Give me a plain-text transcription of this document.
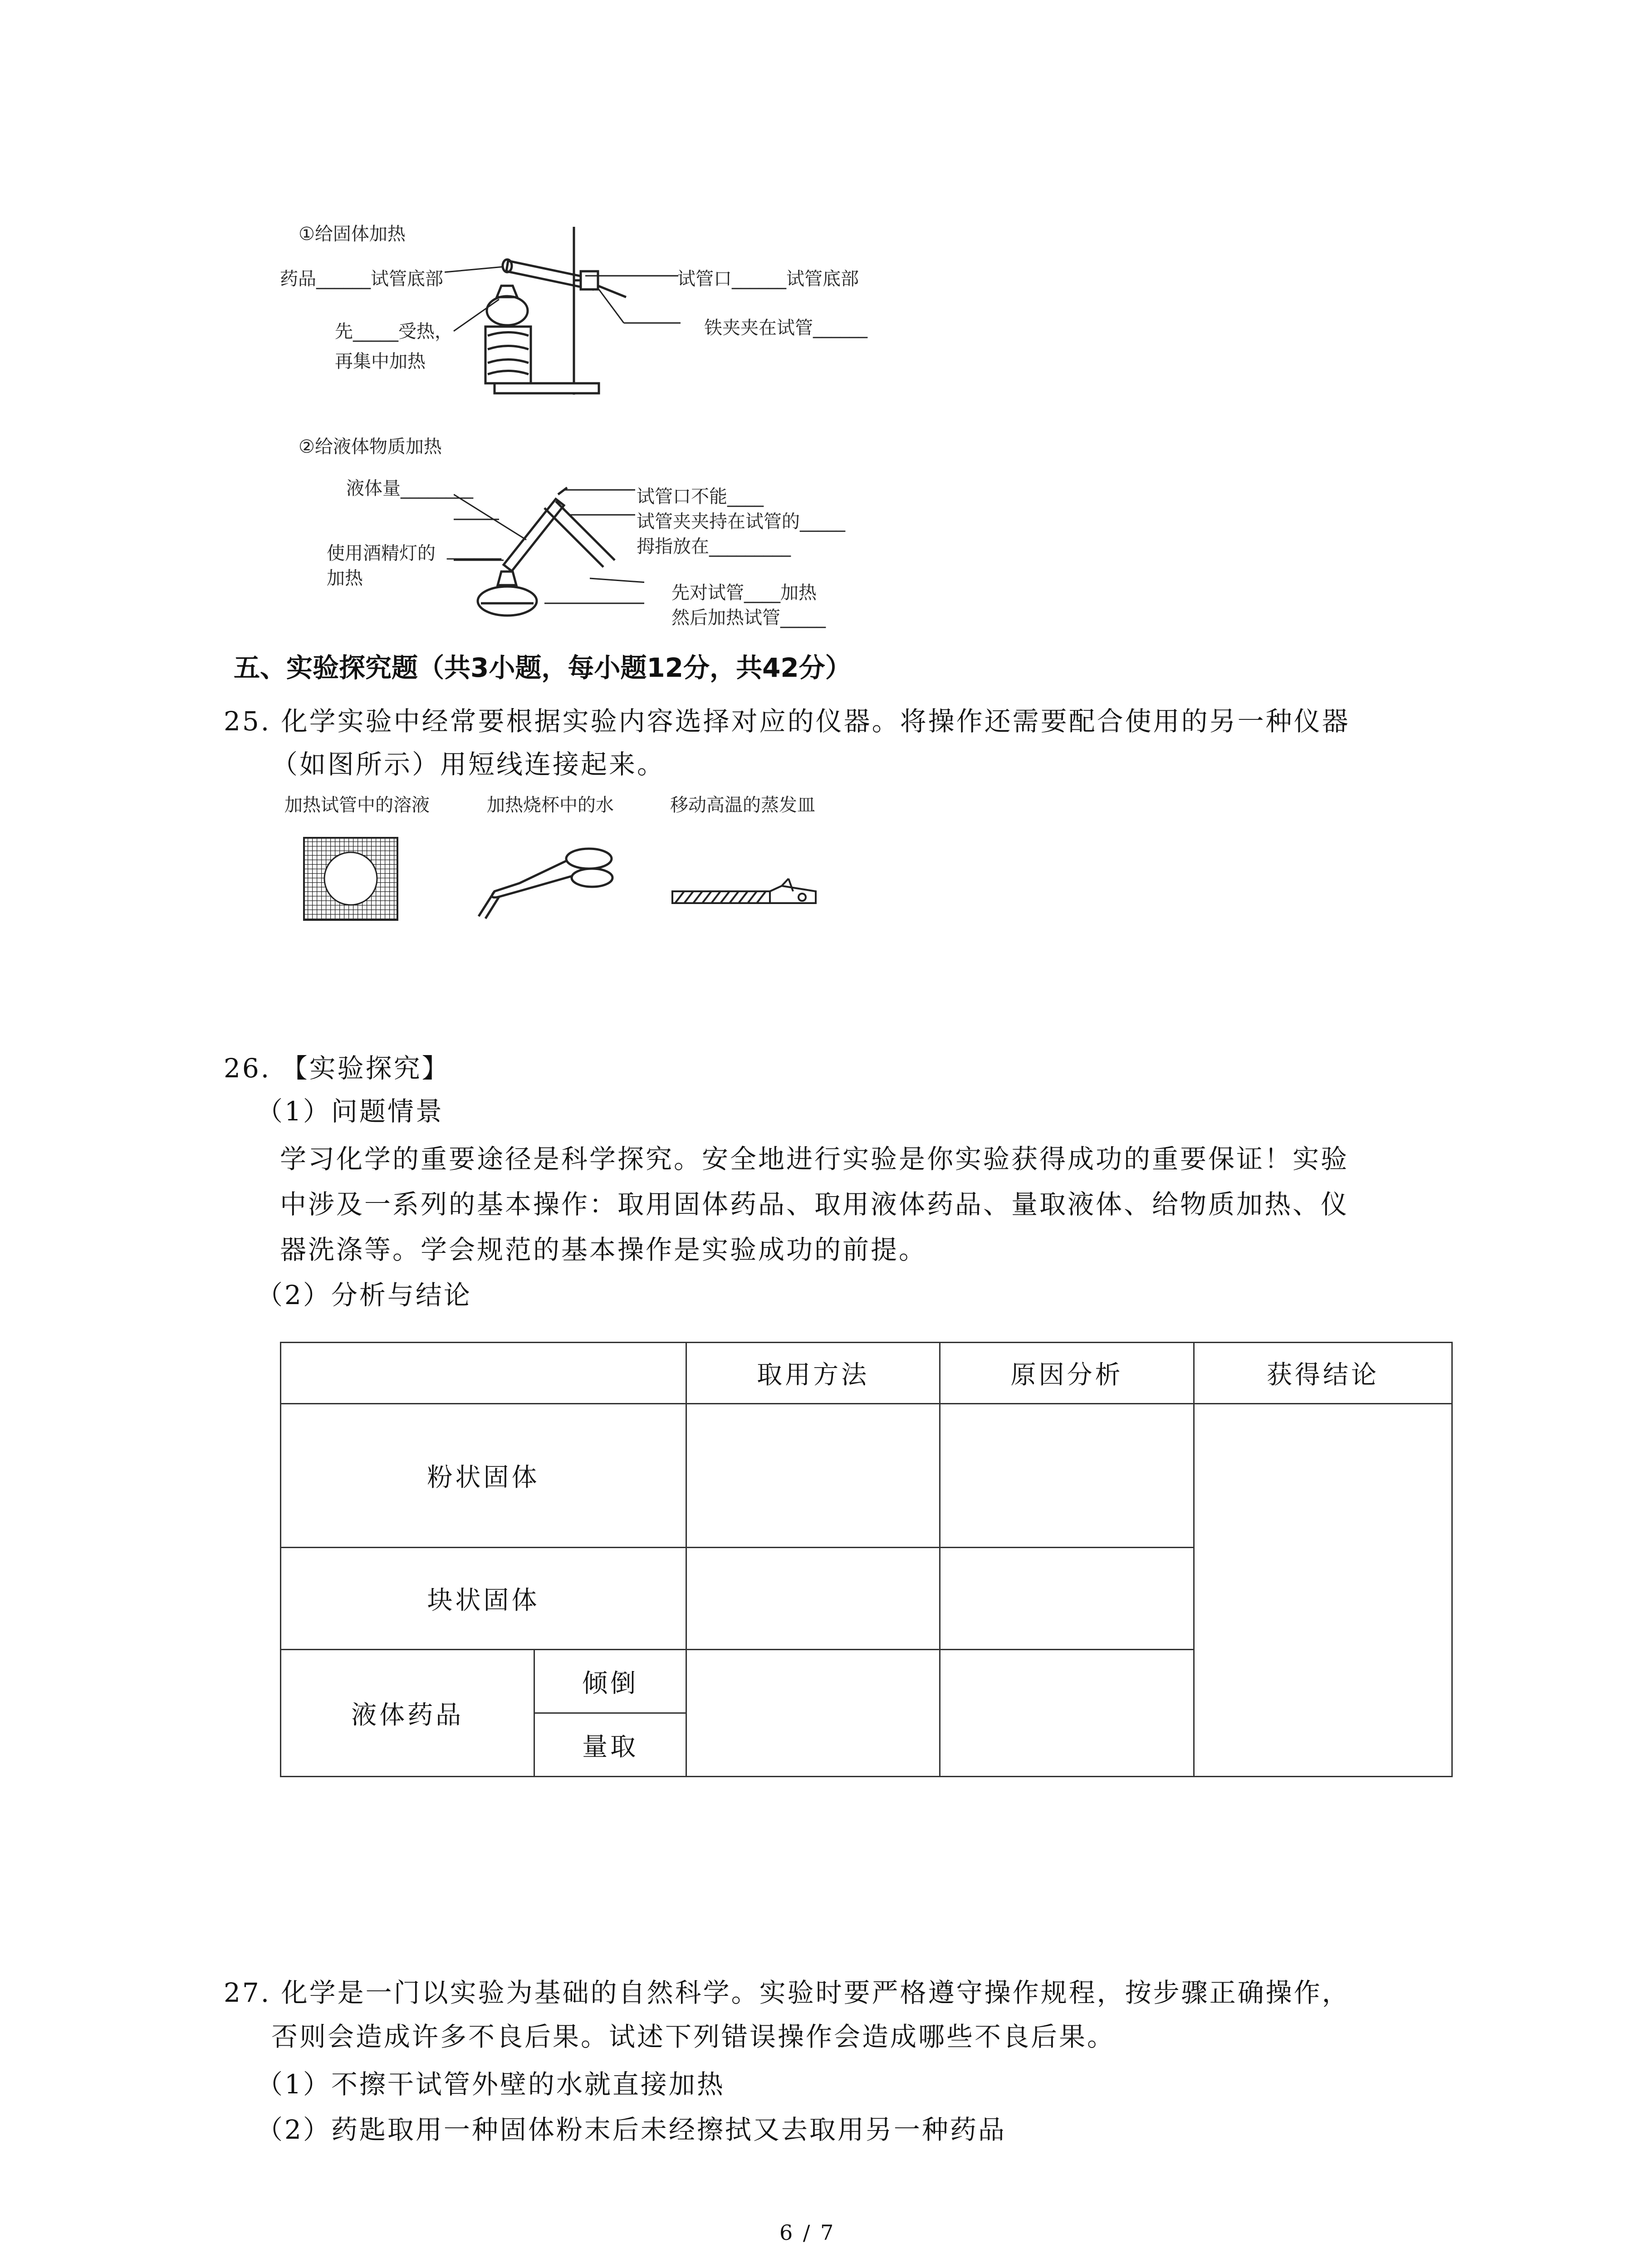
①给固体加热
药品______试管底部
先_____受热，
再集中加热
试管口______试管底部
铁夹夹在试管______
②给液体物质加热
液体量________
使用酒精灯的 ______
加热
试管口不能____
试管夹夹持在试管的_____
拇指放在_________
先对试管____加热
然后加热试管_____
五、实验探究题（共3小题，每小题12分，共42分）
25. 化学实验中经常要根据实验内容选择对应的仪器。将操作还需要配合使用的另一种仪器
（如图所示）用短线连接起来。
加热试管中的溶液	加热烧杯中的水	移动高温的蒸发皿
26. 【实验探究】
（1）问题情景
学习化学的重要途径是科学探究。安全地进行实验是你实验获得成功的重要保证！实验
中涉及一系列的基本操作：取用固体药品、取用液体药品、量取液体、给物质加热、仪
器洗涤等。学会规范的基本操作是实验成功的前提。
（2）分析与结论
		取用方法	原因分析	获得结论
粉状固体				
块状固体				
液体药品	倾倒			
	量取			
27. 化学是一门以实验为基础的自然科学。实验时要严格遵守操作规程，按步骤正确操作，
否则会造成许多不良后果。试述下列错误操作会造成哪些不良后果。
（1）不擦干试管外壁的水就直接加热
（2）药匙取用一种固体粉末后未经擦拭又去取用另一种药品
6 / 7
